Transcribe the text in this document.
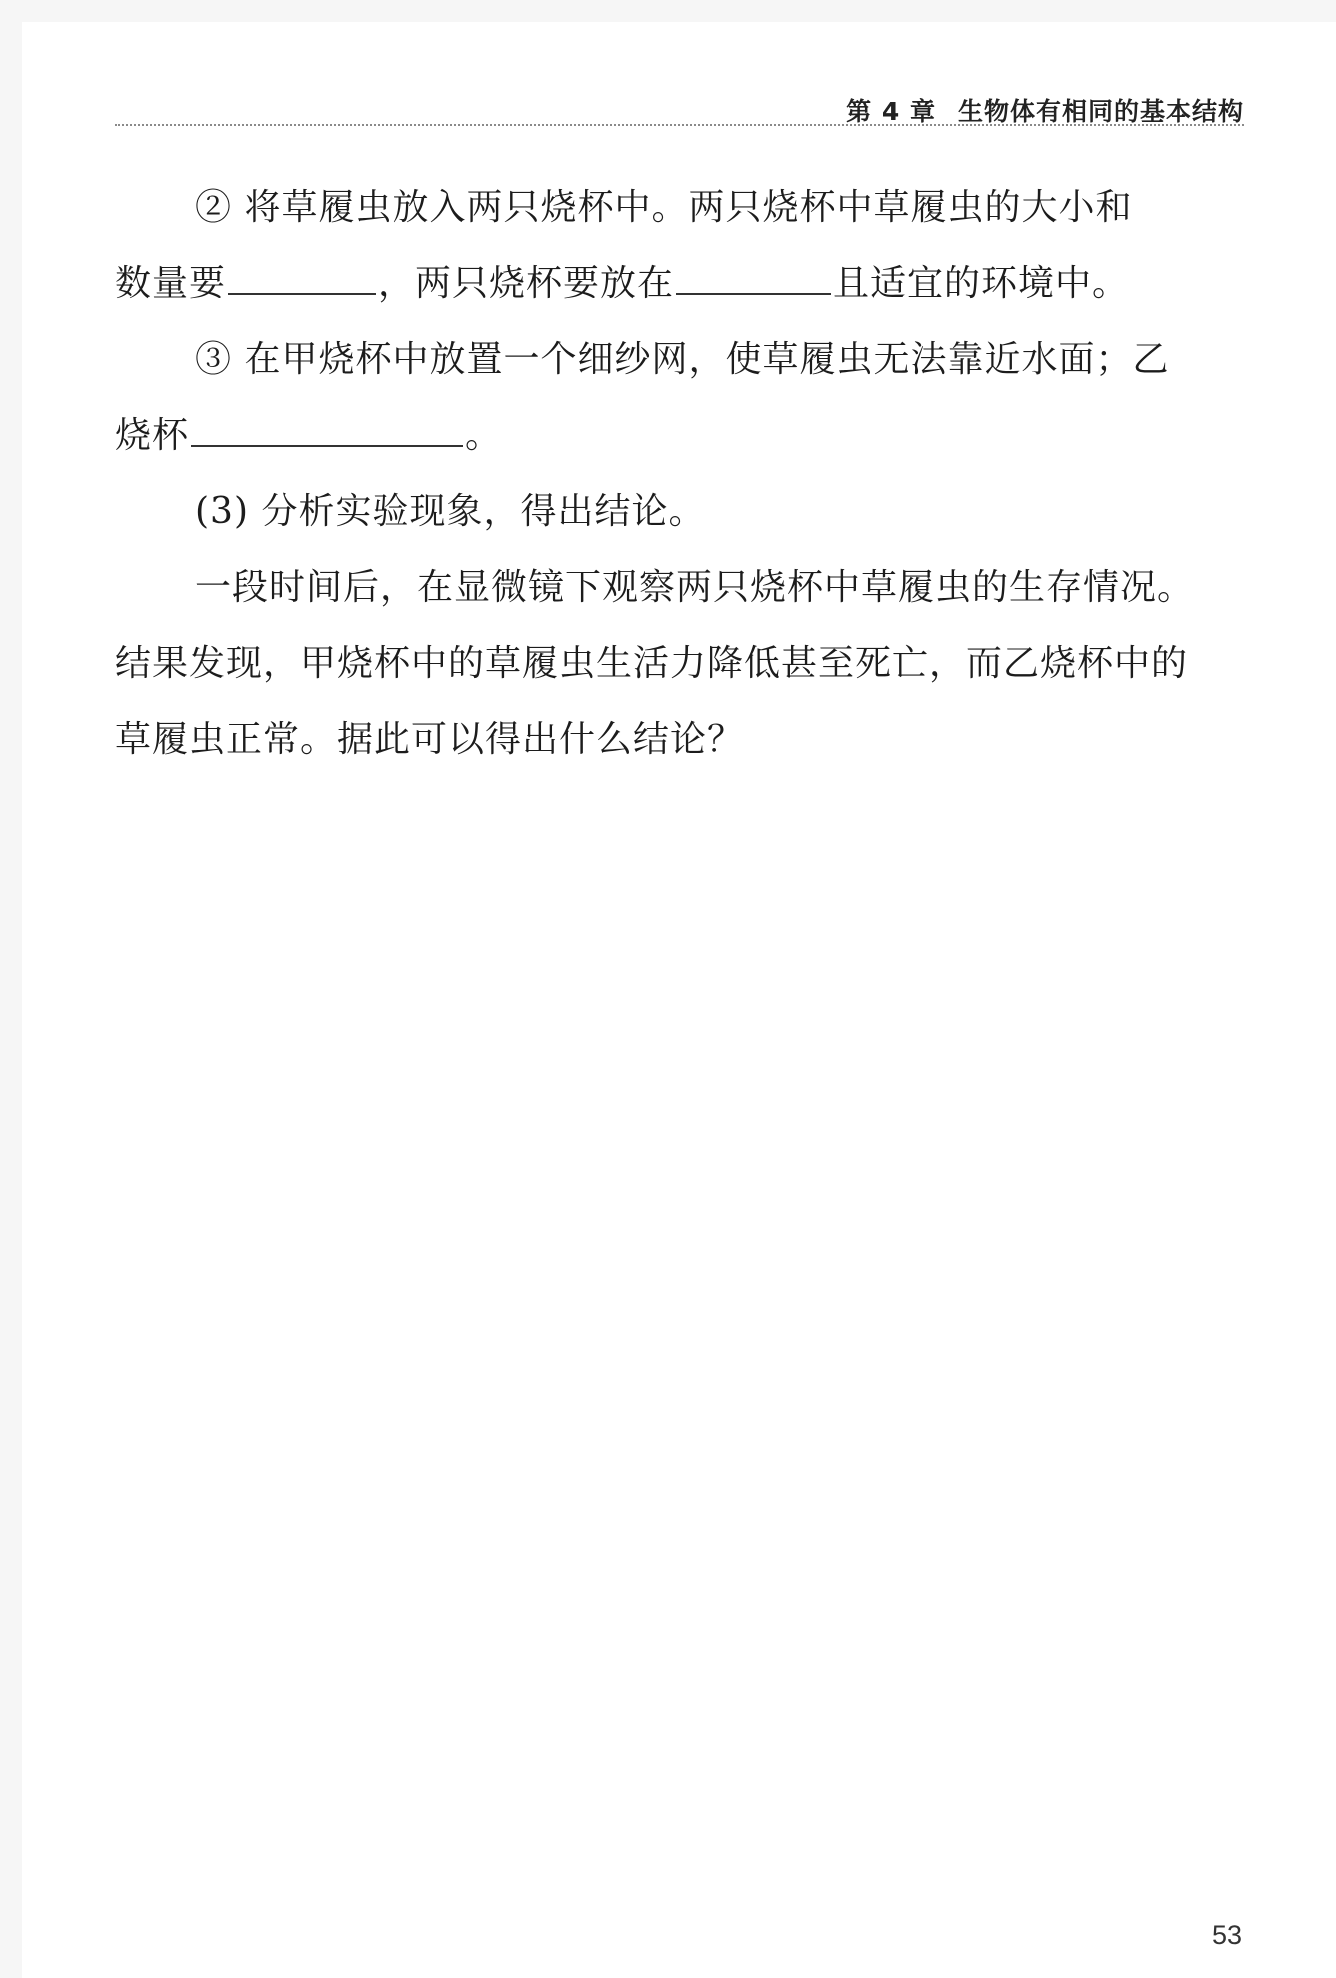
第 4 章 生物体有相同的基本结构
② 将草履虫放入两只烧杯中。两只烧杯中草履虫的大小和
数量要	，两只烧杯要放在	且适宜的环境中。
③ 在甲烧杯中放置一个细纱网，使草履虫无法靠近水面；乙
烧杯	。
(3) 分析实验现象，得出结论。
一段时间后，在显微镜下观察两只烧杯中草履虫的生存情况。
结果发现，甲烧杯中的草履虫生活力降低甚至死亡，而乙烧杯中的
草履虫正常。据此可以得出什么结论？
53
